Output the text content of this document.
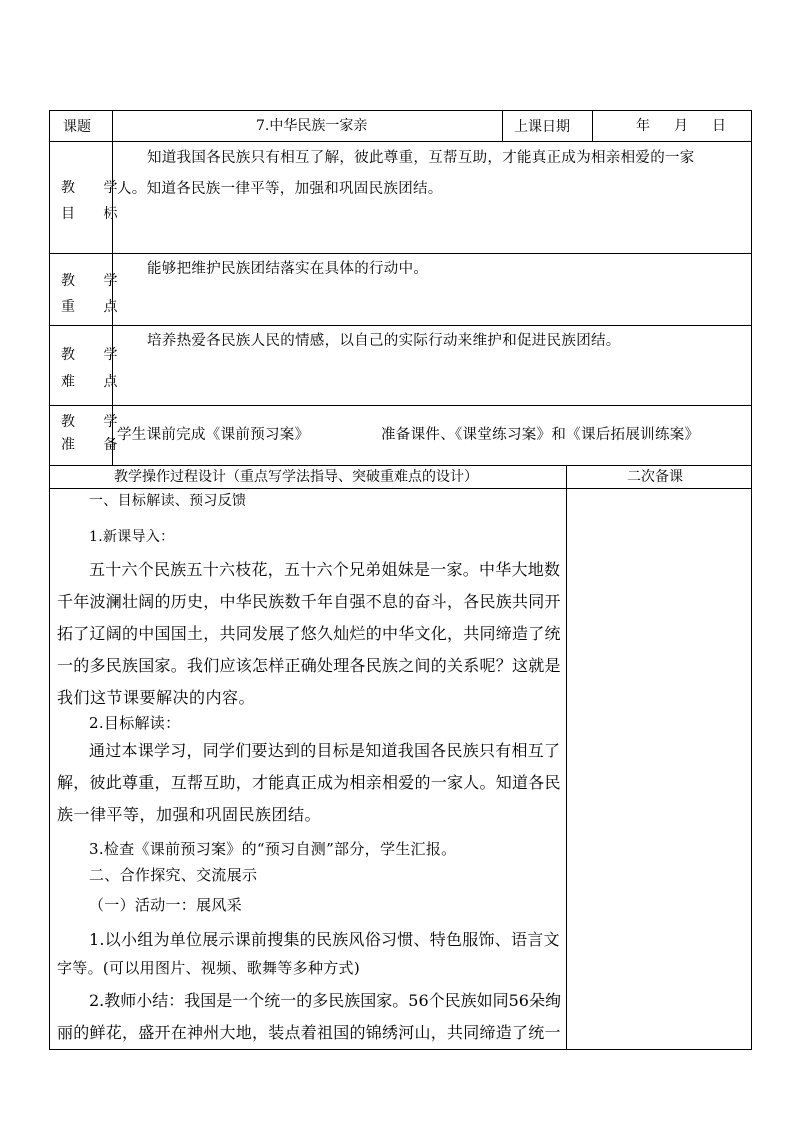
课题	7.中华民族一家亲	上课日期	年 月 日
教 学
目 标
知道我国各民族只有相互了解，彼此尊重，互帮互助，才能真正成为相亲相爱的一家
人。知道各民族一律平等，加强和巩固民族团结。
教 学
重 点
能够把维护民族团结落实在具体的行动中。
教 学
难 点
培养热爱各民族人民的情感，以自己的实际行动来维护和促进民族团结。
教 学
准 备
学生课前完成《课前预习案》	准备课件、《课堂练习案》和《课后拓展训练案》
教学操作过程设计（重点写学法指导、突破重难点的设计）	二次备课
一、目标解读、预习反馈
1.新课导入：
五十六个民族五十六枝花，五十六个兄弟姐妹是一家。中华大地数
千年波澜壮阔的历史，中华民族数千年自强不息的奋斗，各民族共同开
拓了辽阔的中国国土，共同发展了悠久灿烂的中华文化，共同缔造了统
一的多民族国家。我们应该怎样正确处理各民族之间的关系呢？这就是
我们这节课要解决的内容。
2.目标解读：
通过本课学习，同学们要达到的目标是知道我国各民族只有相互了
解，彼此尊重，互帮互助，才能真正成为相亲相爱的一家人。知道各民
族一律平等，加强和巩固民族团结。
3.检查《课前预习案》的“预习自测”部分，学生汇报。
二、合作探究、交流展示
（一）活动一：展风采
1.以小组为单位展示课前搜集的民族风俗习惯、特色服饰、语言文
字等。(可以用图片、视频、歌舞等多种方式)
2.教师小结：我国是一个统一的多民族国家。56个民族如同56朵绚
丽的鲜花，盛开在神州大地，装点着祖国的锦绣河山，共同缔造了统一
